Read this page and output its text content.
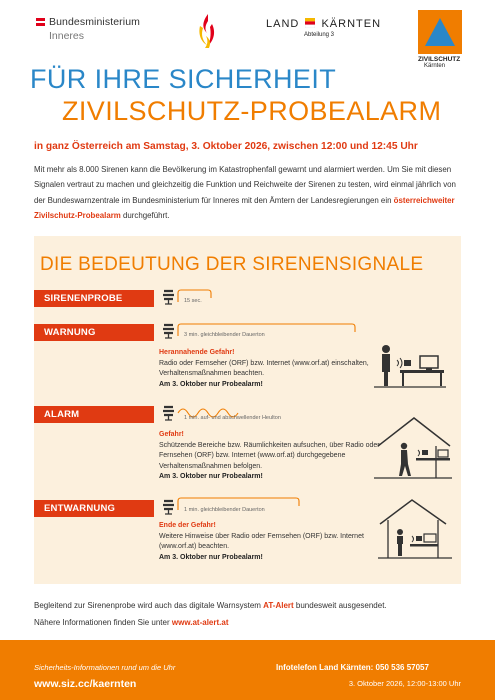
Bundesministerium
Inneres
LAND KÄRNTEN
Abteilung 3
ZIVILSCHUTZ
Kärnten
FÜR IHRE SICHERHEIT
ZIVILSCHUTZ-PROBEALARM
in ganz Österreich am Samstag, 3. Oktober 2026, zwischen 12:00 und 12:45 Uhr
Mit mehr als 8.000 Sirenen kann die Bevölkerung im Katastrophenfall gewarnt und alarmiert werden. Um Sie mit diesen Signalen vertraut zu machen und gleichzeitig die Funktion und Reichweite der Sirenen zu testen, wird einmal jährlich von der Bundeswarnzentrale im Bundesministerium für Inneres mit den Ämtern der Landesregierungen ein österreichweiter Zivilschutz-Probealarm durchgeführt.
DIE BEDEUTUNG DER SIRENENSIGNALE
SIRENENPROBE	15 sec.
WARNUNG	3 min. gleichbleibender Dauerton
Herannahende Gefahr!
Radio oder Fernseher (ORF) bzw. Internet (www.orf.at) einschalten, Verhaltensmaßnahmen beachten.
Am 3. Oktober nur Probealarm!
ALARM	1 min. auf- und abschwellender Heulton
Gefahr!
Schützende Bereiche bzw. Räumlichkeiten aufsuchen, über Radio oder Fernsehen (ORF) bzw. Internet (www.orf.at) durchgegebene Verhaltensmaßnahmen befolgen.
Am 3. Oktober nur Probealarm!
ENTWARNUNG	1 min. gleichbleibender Dauerton
Ende der Gefahr!
Weitere Hinweise über Radio oder Fernsehen (ORF) bzw. Internet (www.orf.at) beachten.
Am 3. Oktober nur Probealarm!
Begleitend zur Sirenenprobe wird auch das digitale Warnsystem AT-Alert bundesweit ausgesendet.
Nähere Informationen finden Sie unter www.at-alert.at
Sicherheits-Informationen rund um die Uhr
www.siz.cc/kaernten
Infotelefon Land Kärnten: 050 536 57057
3. Oktober 2026, 12:00-13:00 Uhr
